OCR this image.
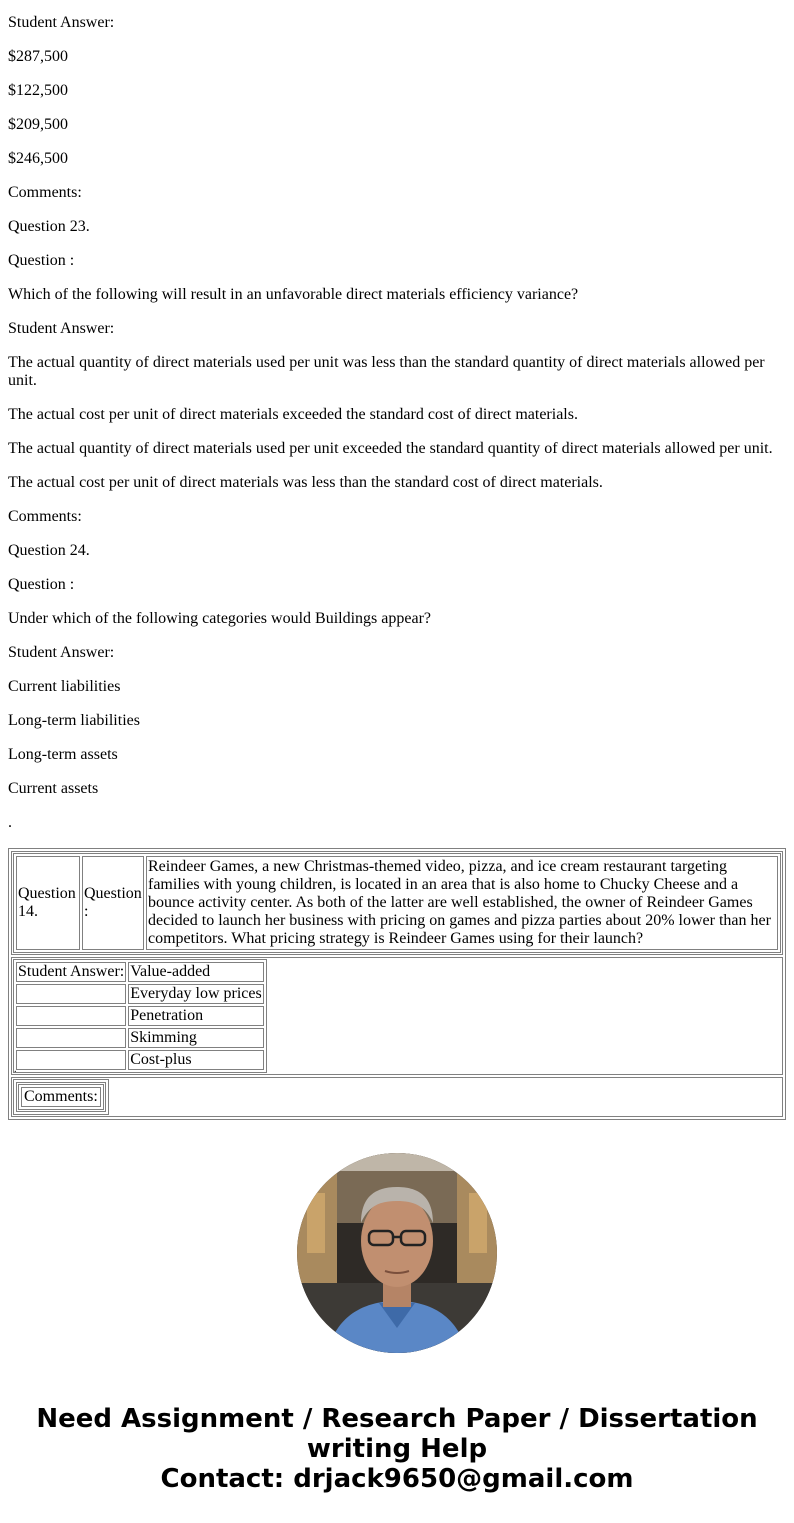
Student Answer:

$287,500

$122,500

$209,500

$246,500

Comments:

Question 23.

Question :

Which of the following will result in an unfavorable direct materials efficiency variance?

Student Answer:

The actual quantity of direct materials used per unit was less than the standard quantity of direct materials allowed per unit.

The actual cost per unit of direct materials exceeded the standard cost of direct materials.

The actual quantity of direct materials used per unit exceeded the standard quantity of direct materials allowed per unit.

The actual cost per unit of direct materials was less than the standard cost of direct materials.

Comments:

Question 24.

Question :

Under which of the following categories would Buildings appear?

Student Answer:

Current liabilities

Long-term liabilities

Long-term assets

Current assets

.

Question 14.	Question :	Reindeer Games, a new Christmas-themed video, pizza, and ice cream restaurant targeting families with young children, is located in an area that is also home to Chucky Cheese and a bounce activity center. As both of the latter are well established, the owner of Reindeer Games decided to launch her business with pricing on games and pizza parties about 20% lower than her competitors. What pricing strategy is Reindeer Games using for their launch?

Student Answer:	Value-added
	Everyday low prices
	Penetration
	Skimming
	Cost-plus
.

Comments:
Need Assignment / Research Paper / Dissertation writing Help
Contact: drjack9650@gmail.com
